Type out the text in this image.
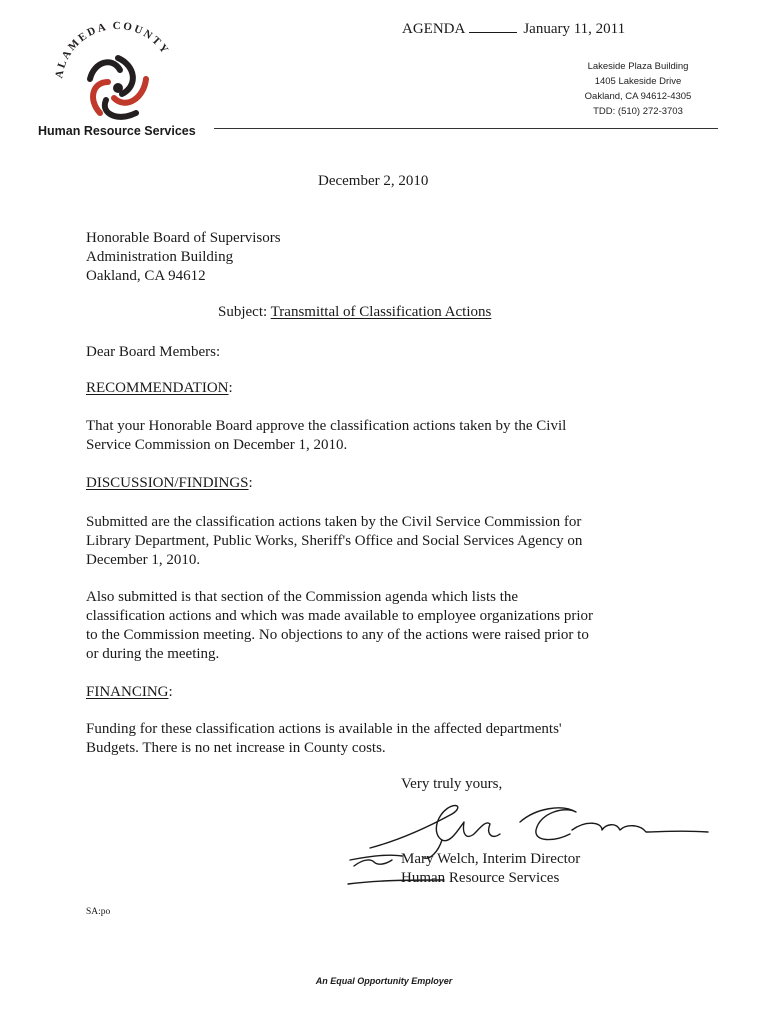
AGENDA	January 11, 2011
ALAMEDA COUNTY
Human Resource Services
Lakeside Plaza Building
1405 Lakeside Drive
Oakland, CA 94612-4305
TDD: (510) 272-3703
December 2, 2010
Honorable Board of Supervisors
Administration Building
Oakland, CA 94612
Subject: Transmittal of Classification Actions
Dear Board Members:
RECOMMENDATION:
That your Honorable Board approve the classification actions taken by the Civil
Service Commission on December 1, 2010.
DISCUSSION/FINDINGS:
Submitted are the classification actions taken by the Civil Service Commission for
Library Department, Public Works, Sheriff's Office and Social Services Agency on
December 1, 2010.
Also submitted is that section of the Commission agenda which lists the
classification actions and which was made available to employee organizations prior
to the Commission meeting. No objections to any of the actions were raised prior to
or during the meeting.
FINANCING:
Funding for these classification actions is available in the affected departments'
Budgets. There is no net increase in County costs.
Very truly yours,
Mary Welch, Interim Director
Human Resource Services
SA:po
An Equal Opportunity Employer
